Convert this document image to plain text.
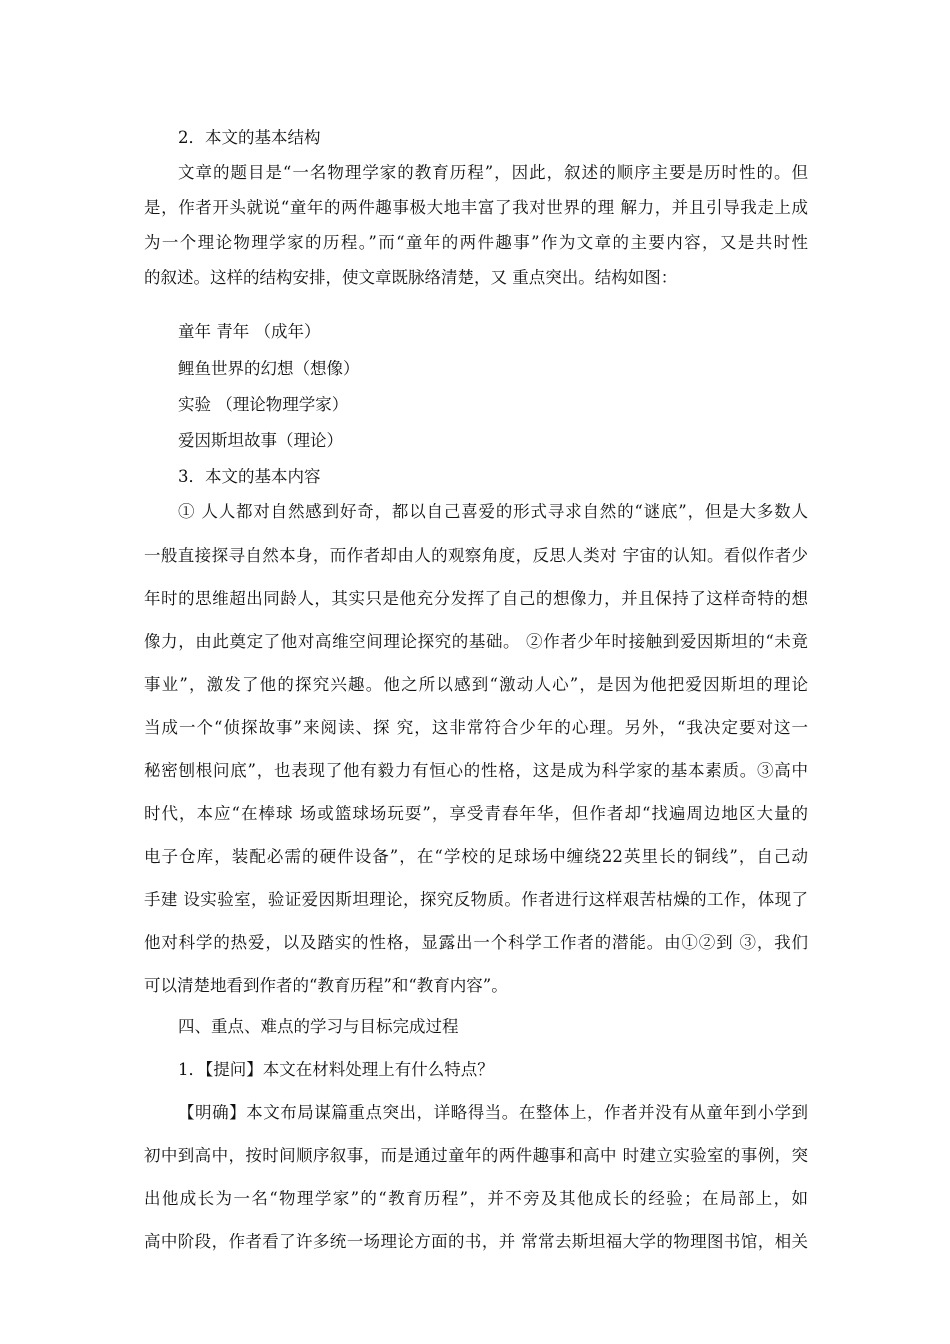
2．本文的基本结构
文章的题目是“一名物理学家的教育历程”，因此，叙述的顺序主要是历时性的。但
是，作者开头就说“童年的两件趣事极大地丰富了我对世界的理 解力，并且引导我走上成
为一个理论物理学家的历程。”而“童年的两件趣事”作为文章的主要内容，又是共时性
的叙述。这样的结构安排，使文章既脉络清楚，又 重点突出。结构如图：
童年 青年 （成年）
鲤鱼世界的幻想（想像）
实验 （理论物理学家）
爱因斯坦故事（理论）
3．本文的基本内容
① 人人都对自然感到好奇，都以自己喜爱的形式寻求自然的“谜底”，但是大多数人
一般直接探寻自然本身，而作者却由人的观察角度，反思人类对 宇宙的认知。看似作者少
年时的思维超出同龄人，其实只是他充分发挥了自己的想像力，并且保持了这样奇特的想
像力，由此奠定了他对高维空间理论探究的基础。 ②作者少年时接触到爱因斯坦的“未竟
事业”，激发了他的探究兴趣。他之所以感到“激动人心”，是因为他把爱因斯坦的理论
当成一个“侦探故事”来阅读、探 究，这非常符合少年的心理。另外，“我决定要对这一
秘密刨根问底”，也表现了他有毅力有恒心的性格，这是成为科学家的基本素质。③高中
时代，本应“在棒球 场或篮球场玩耍”，享受青春年华，但作者却“找遍周边地区大量的
电子仓库，装配必需的硬件设备”，在“学校的足球场中缠绕22英里长的铜线”，自己动
手建 设实验室，验证爱因斯坦理论，探究反物质。作者进行这样艰苦枯燥的工作，体现了
他对科学的热爱，以及踏实的性格，显露出一个科学工作者的潜能。由①②到 ③，我们
可以清楚地看到作者的“教育历程”和“教育内容”。
四、重点、难点的学习与目标完成过程
1．【提问】本文在材料处理上有什么特点？
【明确】本文布局谋篇重点突出，详略得当。在整体上，作者并没有从童年到小学到
初中到高中，按时间顺序叙事，而是通过童年的两件趣事和高中 时建立实验室的事例，突
出他成长为一名“物理学家”的“教育历程”，并不旁及其他成长的经验；在局部上，如
高中阶段，作者看了许多统一场理论方面的书，并 常常去斯坦福大学的物理图书馆，相关
